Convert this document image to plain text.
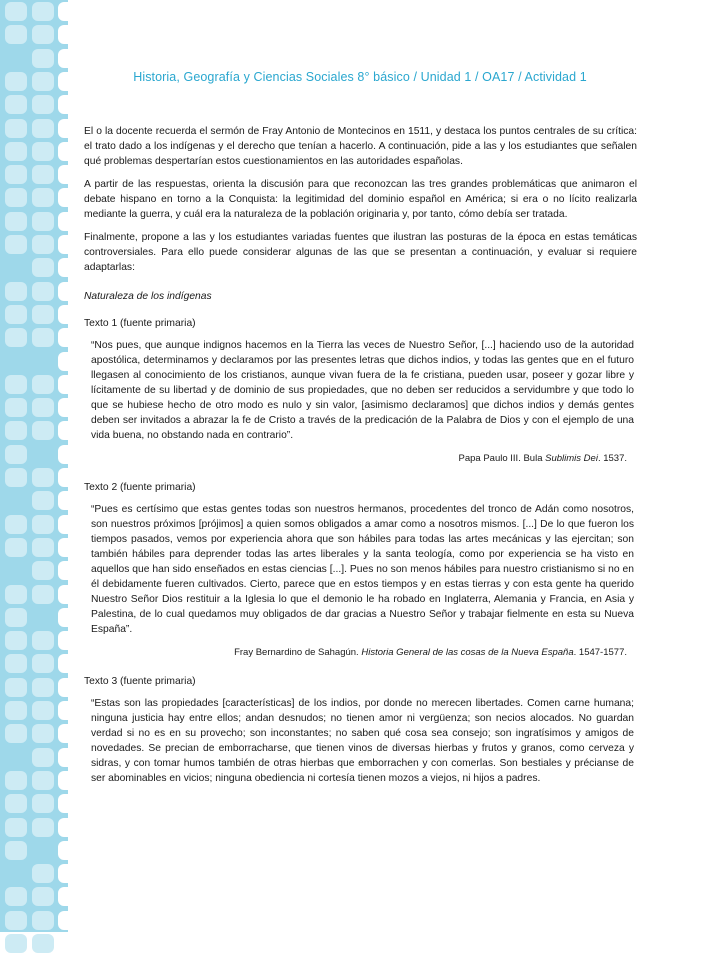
Historia, Geografía y Ciencias Sociales 8° básico / Unidad 1 / OA17 / Actividad 1

El o la docente recuerda el sermón de Fray Antonio de Montecinos en 1511, y destaca los puntos centrales de su crítica: el trato dado a los indígenas y el derecho que tenían a hacerlo. A continuación, pide a las y los estudiantes que señalen qué problemas despertarían estos cuestionamientos en las autoridades españolas.

A partir de las respuestas, orienta la discusión para que reconozcan las tres grandes problemáticas que animaron el debate hispano en torno a la Conquista: la legitimidad del dominio español en América; si era o no lícito realizarla mediante la guerra, y cuál era la naturaleza de la población originaria y, por tanto, cómo debía ser tratada.

Finalmente, propone a las y los estudiantes variadas fuentes que ilustran las posturas de la época en estas temáticas controversiales. Para ello puede considerar algunas de las que se presentan a continuación, y evaluar si requiere adaptarlas:

Naturaleza de los indígenas

Texto 1 (fuente primaria)

“Nos pues, que aunque indignos hacemos en la Tierra las veces de Nuestro Señor, [...] haciendo uso de la autoridad apostólica, determinamos y declaramos por las presentes letras que dichos indios, y todas las gentes que en el futuro llegasen al conocimiento de los cristianos, aunque vivan fuera de la fe cristiana, pueden usar, poseer y gozar libre y lícitamente de su libertad y de dominio de sus propiedades, que no deben ser reducidos a servidumbre y que todo lo que se hubiese hecho de otro modo es nulo y sin valor, [asimismo declaramos] que dichos indios y demás gentes deben ser invitados a abrazar la fe de Cristo a través de la predicación de la Palabra de Dios y con el ejemplo de una vida buena, no obstando nada en contrario”.

Papa Paulo III. Bula Sublimis Dei. 1537.

Texto 2 (fuente primaria)

“Pues es certísimo que estas gentes todas son nuestros hermanos, procedentes del tronco de Adán como nosotros, son nuestros próximos [prójimos] a quien somos obligados a amar como a nosotros mismos. [...] De lo que fueron los tiempos pasados, vemos por experiencia ahora que son hábiles para todas las artes mecánicas y las ejercitan; son también hábiles para deprender todas las artes liberales y la santa teología, como por experiencia se ha visto en aquellos que han sido enseñados en estas ciencias [...]. Pues no son menos hábiles para nuestro cristianismo si no en él debidamente fueren cultivados. Cierto, parece que en estos tiempos y en estas tierras y con esta gente ha querido Nuestro Señor Dios restituir a la Iglesia lo que el demonio le ha robado en Inglaterra, Alemania y Francia, en Asia y Palestina, de lo cual quedamos muy obligados de dar gracias a Nuestro Señor y trabajar fielmente en esta su Nueva España”.

Fray Bernardino de Sahagún. Historia General de las cosas de la Nueva España. 1547-1577.

Texto 3 (fuente primaria)

“Estas son las propiedades [características] de los indios, por donde no merecen libertades. Comen carne humana; ninguna justicia hay entre ellos; andan desnudos; no tienen amor ni vergüenza; son necios alocados. No guardan verdad si no es en su provecho; son inconstantes; no saben qué cosa sea consejo; son ingratísimos y amigos de novedades. Se precian de emborracharse, que tienen vinos de diversas hierbas y frutos y granos, como cerveza y sidras, y con tomar humos también de otras hierbas que emborrachen y con comerlas. Son bestiales y précianse de ser abominables en vicios; ninguna obediencia ni cortesía tienen mozos a viejos, ni hijos a padres.
